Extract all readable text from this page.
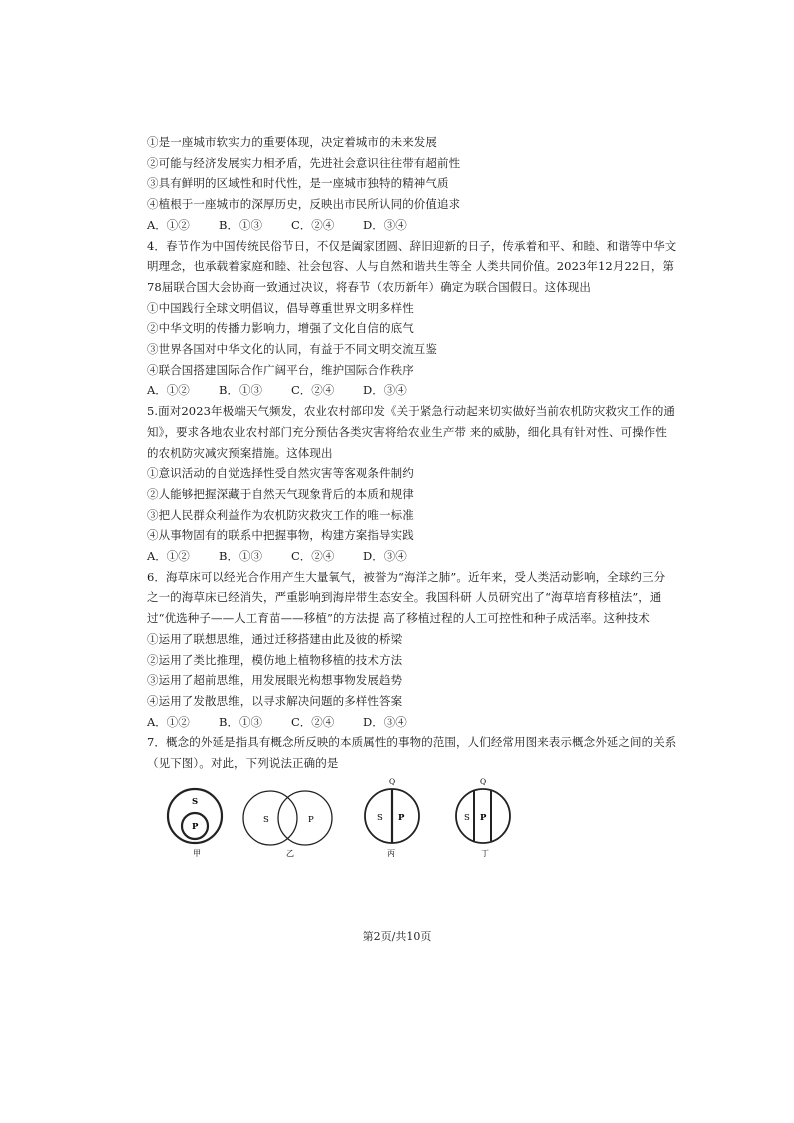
①是一座城市软实力的重要体现，决定着城市的未来发展
②可能与经济发展实力相矛盾，先进社会意识往往带有超前性
③具有鲜明的区域性和时代性，是一座城市独特的精神气质
④植根于一座城市的深厚历史，反映出市民所认同的价值追求
A．①②	B．①③	C．②④	D．③④
4．春节作为中国传统民俗节日，不仅是阖家团圆、辞旧迎新的日子，传承着和平、和睦、和谐等中华文
明理念，也承载着家庭和睦、社会包容、人与自然和谐共生等全 人类共同价值。2023年12月22日，第
78届联合国大会协商一致通过决议，将春节（农历新年）确定为联合国假日。这体现出
①中国践行全球文明倡议，倡导尊重世界文明多样性
②中华文明的传播力影响力，增强了文化自信的底气
③世界各国对中华文化的认同，有益于不同文明交流互鉴
④联合国搭建国际合作广阔平台，维护国际合作秩序
A．①②	B．①③	C．②④	D．③④
5.面对2023年极端天气频发，农业农村部印发《关于紧急行动起来切实做好当前农机防灾救灾工作的通
知》，要求各地农业农村部门充分预估各类灾害将给农业生产带 来的威胁，细化具有针对性、可操作性
的农机防灾减灾预案措施。这体现出
①意识活动的自觉选择性受自然灾害等客观条件制约
②人能够把握深藏于自然天气现象背后的本质和规律
③把人民群众利益作为农机防灾救灾工作的唯一标准
④从事物固有的联系中把握事物，构建方案指导实践
A．①②	B．①③	C．②④	D．③④
6．海草床可以经光合作用产生大量氧气，被誉为“海洋之肺”。近年来，受人类活动影响，全球约三分
之一的海草床已经消失，严重影响到海岸带生态安全。我国科研 人员研究出了“海草培育移植法”，通
过“优选种子——人工育苗——移植”的方法提 高了移植过程的人工可控性和种子成活率。这种技术
①运用了联想思维，通过迁移搭建由此及彼的桥梁
②运用了类比推理，模仿地上植物移植的技术方法
③运用了超前思维，用发展眼光构想事物发展趋势
④运用了发散思维，以寻求解决问题的多样性答案
A．①②	B．①③	C．②④	D．③④
7．概念的外延是指具有概念所反映的本质属性的事物的范围，人们经常用图来表示概念外延之间的关系
（见下图）。对此，下列说法正确的是
S
P
甲
S	P
乙
Q
S P
丙
Q
S P
丁
第2页/共10页
